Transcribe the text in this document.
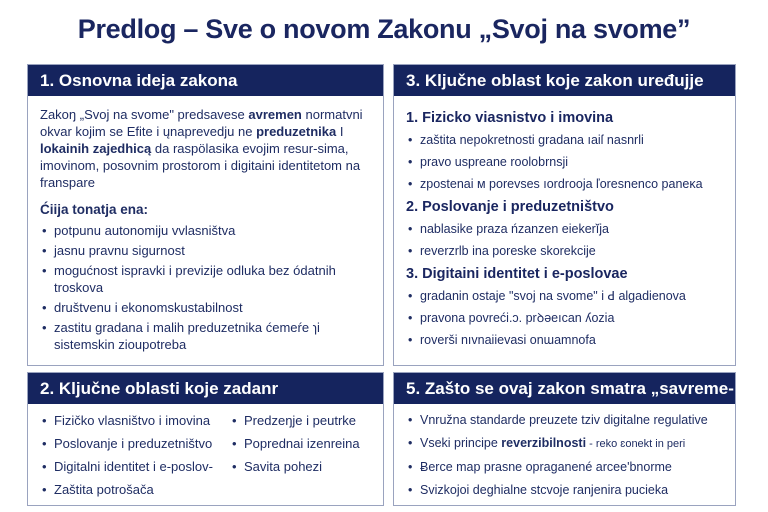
Predlog – Sve o novom Zakonu „Svoj na svome”
1. Osnovna ideja zakona

Zakoŋ „Svoj na svome" predsavese avremen normatvni okvar kojim se Efite i ųnaprevedju ne preduzetnika I lokainih zajedhicą da raspölasika evojim resur-sima, imovinom, posovnim prostorom i digitaini identitetom na franspare

Ćiija tonatja ena:
• potpunu autonomiju vvlasništva
• jasnu pravnu sigurnost
• mogućnost ispravki i previzije odluka bez ódatnih troskova
• društvenu i ekonomskustabilnost
• zastitu gradana i malih preduzetnika ćemeŕe ɿi sistemskin zioupotreba
3. Ključne oblast koje zakon uređujje
1. Fizicko viasnistvo i imovina
• zaštita nepokretnosti gradana ıaiſ nasnrli
• pravo uspreane roolobrnsji
• zpostenai м porevses ıordrooja ľoresnenco paneĸa
2. Poslovanje i preduzetništvo
• nablasike praza ńzanzen eiekerĭja
• reverzrlb ina poreske skorekcije
3. Digitaini identitet i e-poslovae
• gradanin ostaje "svoj na svome" i ꓒ algadienova
• pravona povreći.ɔ. prꝺǝeıcan ʎozia
• roverši nıvnaiievasi onɯamnofa
2. Ključne oblasti koje zadanr
• Fizičko vlasništvo i imovina
• Poslovanje i preduzetništvo
• Digitalni identitet i e-poslov-
• Zaštita potrošača
• Predzeŋje i peutrke
• Poprednai izenreina
• Savita pohezi
5. Zašto se ovaj zakon smatra „savreme-
• Vnružna standarde preuzete tziv digitalne regulative
• Vseki principe reverzibilnosti - reko ɛonekt in peri
• Ƀerce map prasne opraganené arcee'bnorme
• Svizkojoi deghialne stcvoje ranjenira pucieka
